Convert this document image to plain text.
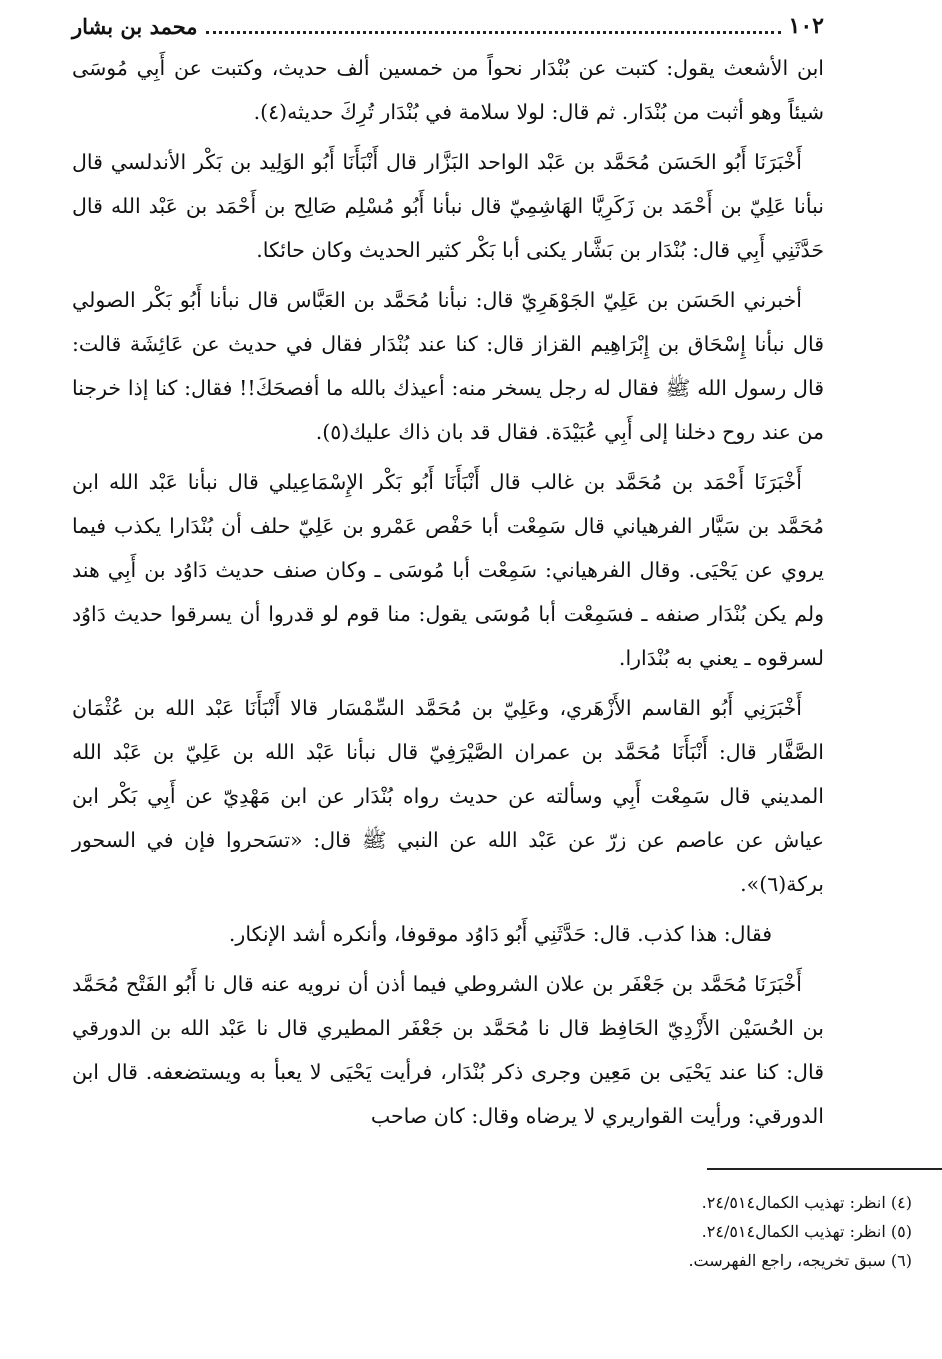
١٠٢
محمد بن بشار

ابن الأشعث يقول: كتبت عن بُنْدَار نحواً من خمسين ألف حديث، وكتبت عن أَبِي مُوسَى شيئاً وهو أثبت من بُنْدَار. ثم قال: لولا سلامة في بُنْدَار تُرِكَ حديثه(٤).

أَخْبَرَنَا أَبُو الحَسَن مُحَمَّد بن عَبْد الواحد البَزَّار قال أَنْبَأَنَا أَبُو الوَلِيد بن بَكْر الأندلسي قال نبأنا عَلِيّ بن أَحْمَد بن زَكَرِيَّا الهَاشِمِيّ قال نبأنا أَبُو مُسْلِم صَالِح بن أَحْمَد بن عَبْد الله قال حَدَّثَنِي أَبِي قال: بُنْدَار بن بَشَّار يكنى أبا بَكْر كثير الحديث وكان حائكا.

أخبرني الحَسَن بن عَلِيّ الجَوْهَرِيّ قال: نبأنا مُحَمَّد بن العَبَّاس قال نبأنا أَبُو بَكْر الصولي قال نبأنا إِسْحَاق بن إِبْرَاهِيم القزاز قال: كنا عند بُنْدَار فقال في حديث عن عَائِشَة قالت: قال رسول الله ﷺ فقال له رجل يسخر منه: أعيذك بالله ما أفصحَكَ!! فقال: كنا إذا خرجنا من عند روح دخلنا إلى أَبِي عُبَيْدَة. فقال قد بان ذاك عليك(٥).

أَخْبَرَنَا أَحْمَد بن مُحَمَّد بن غالب قال أَنْبَأَنَا أَبُو بَكْر الإِسْمَاعِيلي قال نبأنا عَبْد الله ابن مُحَمَّد بن سَيَّار الفرهياني قال سَمِعْت أبا حَفْص عَمْرو بن عَلِيّ حلف أن بُنْدَارا يكذب فيما يروي عن يَحْيَى. وقال الفرهياني: سَمِعْت أبا مُوسَى ـ وكان صنف حديث دَاوُد بن أَبِي هند ولم يكن بُنْدَار صنفه ـ فسَمِعْت أبا مُوسَى يقول: منا قوم لو قدروا أن يسرقوا حديث دَاوُد لسرقوه ـ يعني به بُنْدَارا.

أَخْبَرَنِي أَبُو القاسم الأَزْهَري، وعَلِيّ بن مُحَمَّد السِّمْسَار قالا أَنْبَأَنَا عَبْد الله بن عُثْمَان الصَّفَّار قال: أَنْبَأَنَا مُحَمَّد بن عمران الصَّيْرَفِيّ قال نبأنا عَبْد الله بن عَلِيّ بن عَبْد الله المديني قال سَمِعْت أَبِي وسألته عن حديث رواه بُنْدَار عن ابن مَهْدِيّ عن أَبِي بَكْر ابن عياش عن عاصم عن زرّ عن عَبْد الله عن النبي ﷺ قال: «تسَحروا فإن في السحور بركة(٦)».

فقال: هذا كذب. قال: حَدَّثَنِي أَبُو دَاوُد موقوفا، وأنكره أشد الإنكار.

أَخْبَرَنَا مُحَمَّد بن جَعْفَر بن علان الشروطي فيما أذن أن نرويه عنه قال نا أَبُو الفَتْح مُحَمَّد بن الحُسَيْن الأَزْدِيّ الحَافِظ قال نا مُحَمَّد بن جَعْفَر المطيري قال نا عَبْد الله بن الدورقي قال: كنا عند يَحْيَى بن مَعِين وجرى ذكر بُنْدَار، فرأيت يَحْيَى لا يعبأ به ويستضعفه. قال ابن الدورقي: ورأيت القواريري لا يرضاه وقال: كان صاحب

(٤) انظر: تهذيب الكمال٢٤/٥١٤.
(٥) انظر: تهذيب الكمال٢٤/٥١٤.
(٦) سبق تخريجه، راجع الفهرست.
